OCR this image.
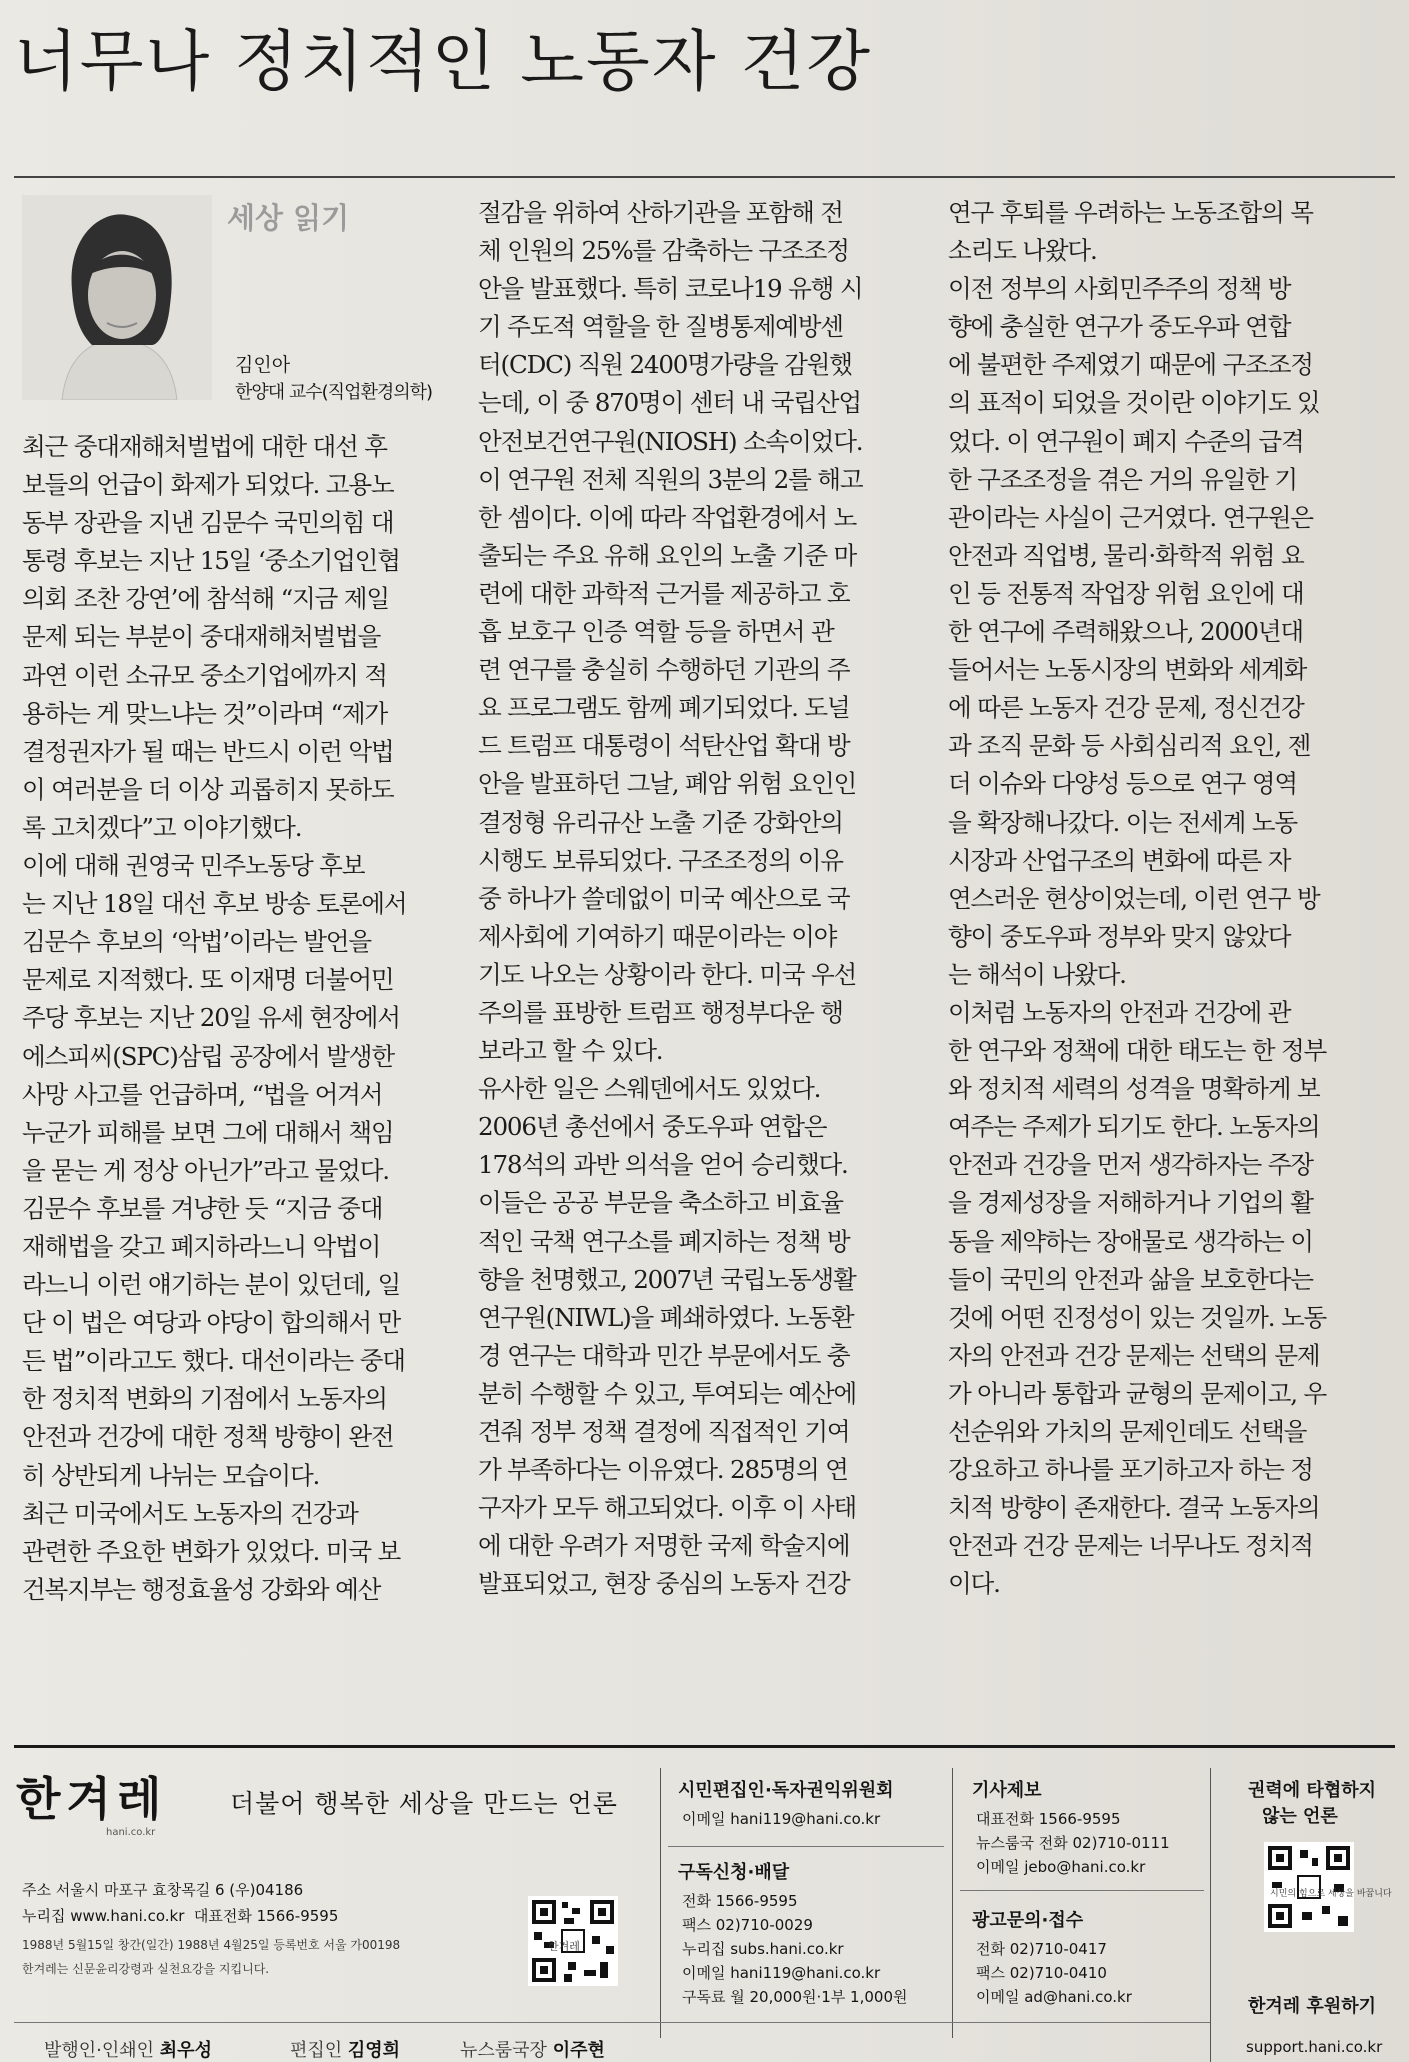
너무나 정치적인 노동자 건강
세상 읽기
김인아
한양대 교수(직업환경의학)
최근 중대재해처벌법에 대한 대선 후
보들의 언급이 화제가 되었다. 고용노
동부 장관을 지낸 김문수 국민의힘 대
통령 후보는 지난 15일 ‘중소기업인협
의회 조찬 강연’에 참석해 “지금 제일
문제 되는 부분이 중대재해처벌법을
과연 이런 소규모 중소기업에까지 적
용하는 게 맞느냐는 것”이라며 “제가
결정권자가 될 때는 반드시 이런 악법
이 여러분을 더 이상 괴롭히지 못하도
록 고치겠다”고 이야기했다.
이에 대해 권영국 민주노동당 후보
는 지난 18일 대선 후보 방송 토론에서
김문수 후보의 ‘악법’이라는 발언을
문제로 지적했다. 또 이재명 더불어민
주당 후보는 지난 20일 유세 현장에서
에스피씨(SPC)삼립 공장에서 발생한
사망 사고를 언급하며, “법을 어겨서
누군가 피해를 보면 그에 대해서 책임
을 묻는 게 정상 아닌가”라고 물었다.
김문수 후보를 겨냥한 듯 “지금 중대
재해법을 갖고 폐지하라느니 악법이
라느니 이런 얘기하는 분이 있던데, 일
단 이 법은 여당과 야당이 합의해서 만
든 법”이라고도 했다. 대선이라는 중대
한 정치적 변화의 기점에서 노동자의
안전과 건강에 대한 정책 방향이 완전
히 상반되게 나뉘는 모습이다.
최근 미국에서도 노동자의 건강과
관련한 주요한 변화가 있었다. 미국 보
건복지부는 행정효율성 강화와 예산
절감을 위하여 산하기관을 포함해 전
체 인원의 25%를 감축하는 구조조정
안을 발표했다. 특히 코로나19 유행 시
기 주도적 역할을 한 질병통제예방센
터(CDC) 직원 2400명가량을 감원했
는데, 이 중 870명이 센터 내 국립산업
안전보건연구원(NIOSH) 소속이었다.
이 연구원 전체 직원의 3분의 2를 해고
한 셈이다. 이에 따라 작업환경에서 노
출되는 주요 유해 요인의 노출 기준 마
련에 대한 과학적 근거를 제공하고 호
흡 보호구 인증 역할 등을 하면서 관
련 연구를 충실히 수행하던 기관의 주
요 프로그램도 함께 폐기되었다. 도널
드 트럼프 대통령이 석탄산업 확대 방
안을 발표하던 그날, 폐암 위험 요인인
결정형 유리규산 노출 기준 강화안의
시행도 보류되었다. 구조조정의 이유
중 하나가 쓸데없이 미국 예산으로 국
제사회에 기여하기 때문이라는 이야
기도 나오는 상황이라 한다. 미국 우선
주의를 표방한 트럼프 행정부다운 행
보라고 할 수 있다.
유사한 일은 스웨덴에서도 있었다.
2006년 총선에서 중도우파 연합은
178석의 과반 의석을 얻어 승리했다.
이들은 공공 부문을 축소하고 비효율
적인 국책 연구소를 폐지하는 정책 방
향을 천명했고, 2007년 국립노동생활
연구원(NIWL)을 폐쇄하였다. 노동환
경 연구는 대학과 민간 부문에서도 충
분히 수행할 수 있고, 투여되는 예산에
견줘 정부 정책 결정에 직접적인 기여
가 부족하다는 이유였다. 285명의 연
구자가 모두 해고되었다. 이후 이 사태
에 대한 우려가 저명한 국제 학술지에
발표되었고, 현장 중심의 노동자 건강
연구 후퇴를 우려하는 노동조합의 목
소리도 나왔다.
이전 정부의 사회민주주의 정책 방
향에 충실한 연구가 중도우파 연합
에 불편한 주제였기 때문에 구조조정
의 표적이 되었을 것이란 이야기도 있
었다. 이 연구원이 폐지 수준의 급격
한 구조조정을 겪은 거의 유일한 기
관이라는 사실이 근거였다. 연구원은
안전과 직업병, 물리·화학적 위험 요
인 등 전통적 작업장 위험 요인에 대
한 연구에 주력해왔으나, 2000년대
들어서는 노동시장의 변화와 세계화
에 따른 노동자 건강 문제, 정신건강
과 조직 문화 등 사회심리적 요인, 젠
더 이슈와 다양성 등으로 연구 영역
을 확장해나갔다. 이는 전세계 노동
시장과 산업구조의 변화에 따른 자
연스러운 현상이었는데, 이런 연구 방
향이 중도우파 정부와 맞지 않았다
는 해석이 나왔다.
이처럼 노동자의 안전과 건강에 관
한 연구와 정책에 대한 태도는 한 정부
와 정치적 세력의 성격을 명확하게 보
여주는 주제가 되기도 한다. 노동자의
안전과 건강을 먼저 생각하자는 주장
을 경제성장을 저해하거나 기업의 활
동을 제약하는 장애물로 생각하는 이
들이 국민의 안전과 삶을 보호한다는
것에 어떤 진정성이 있는 것일까. 노동
자의 안전과 건강 문제는 선택의 문제
가 아니라 통합과 균형의 문제이고, 우
선순위와 가치의 문제인데도 선택을
강요하고 하나를 포기하고자 하는 정
치적 방향이 존재한다. 결국 노동자의
안전과 건강 문제는 너무나도 정치적
이다.
한겨레
hani.co.kr
더불어 행복한 세상을 만드는 언론
주소 서울시 마포구 효창목길 6 (우)04186
누리집 www.hani.co.kr 대표전화 1566-9595
1988년 5월15일 창간(일간) 1988년 4월25일 등록번호 서울 가00198
한겨레는 신문윤리강령과 실천요강을 지킵니다.
한겨레
시민편집인·독자권익위원회
이메일 hani119@hani.co.kr
구독신청·배달
전화 1566-9595
팩스 02)710-0029
누리집 subs.hani.co.kr
이메일 hani119@hani.co.kr
구독료 월 20,000원·1부 1,000원
기사제보
대표전화 1566-9595
뉴스룸국 전화 02)710-0111
이메일 jebo@hani.co.kr
광고문의·접수
전화 02)710-0417
팩스 02)710-0410
이메일 ad@hani.co.kr
권력에 타협하지
않는 언론
시민의 힘으로 세상을 바꿉니다
한겨레 후원하기
support.hani.co.kr
발행인·인쇄인 최우성	편집인 김영희	뉴스룸국장 이주현
